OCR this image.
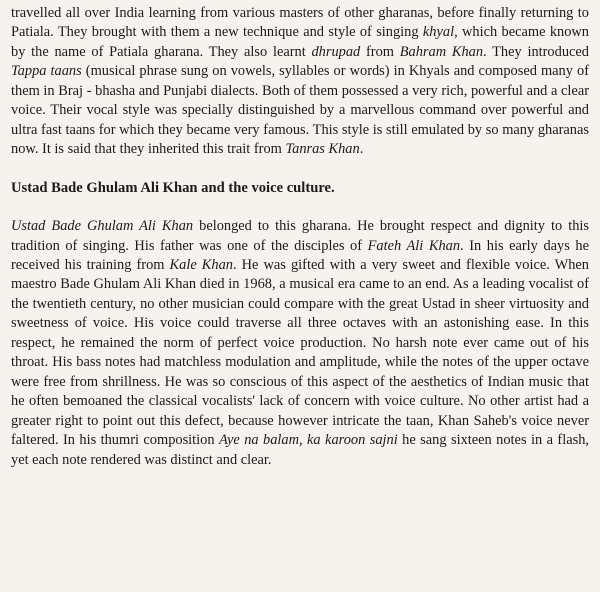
travelled all over India learning from various masters of other gharanas, before finally returning to Patiala. They brought with them a new technique and style of singing khyal, which became known by the name of Patiala gharana. They also learnt dhrupad from Bahram Khan. They introduced Tappa taans (musical phrase sung on vowels, syllables or words) in Khyals and composed many of them in Braj - bhasha and Punjabi dialects. Both of them possessed a very rich, powerful and a clear voice. Their vocal style was specially distinguished by a marvellous command over powerful and ultra fast taans for which they became very famous. This style is still emulated by so many gharanas now. It is said that they inherited this trait from Tanras Khan.

Ustad Bade Ghulam Ali Khan and the voice culture.

Ustad Bade Ghulam Ali Khan belonged to this gharana. He brought respect and dignity to this tradition of singing. His father was one of the disciples of Fateh Ali Khan. In his early days he received his training from Kale Khan. He was gifted with a very sweet and flexible voice. When maestro Bade Ghulam Ali Khan died in 1968, a musical era came to an end. As a leading vocalist of the twentieth century, no other musician could compare with the great Ustad in sheer virtuosity and sweetness of voice. His voice could traverse all three octaves with an astonishing ease. In this respect, he remained the norm of perfect voice production. No harsh note ever came out of his throat. His bass notes had matchless modulation and amplitude, while the notes of the upper octave were free from shrillness. He was so conscious of this aspect of the aesthetics of Indian music that he often bemoaned the classical vocalists' lack of concern with voice culture. No other artist had a greater right to point out this defect, because however intricate the taan, Khan Saheb's voice never faltered. In his thumri composition Aye na balam, ka karoon sajni he sang sixteen notes in a flash, yet each note rendered was distinct and clear.
